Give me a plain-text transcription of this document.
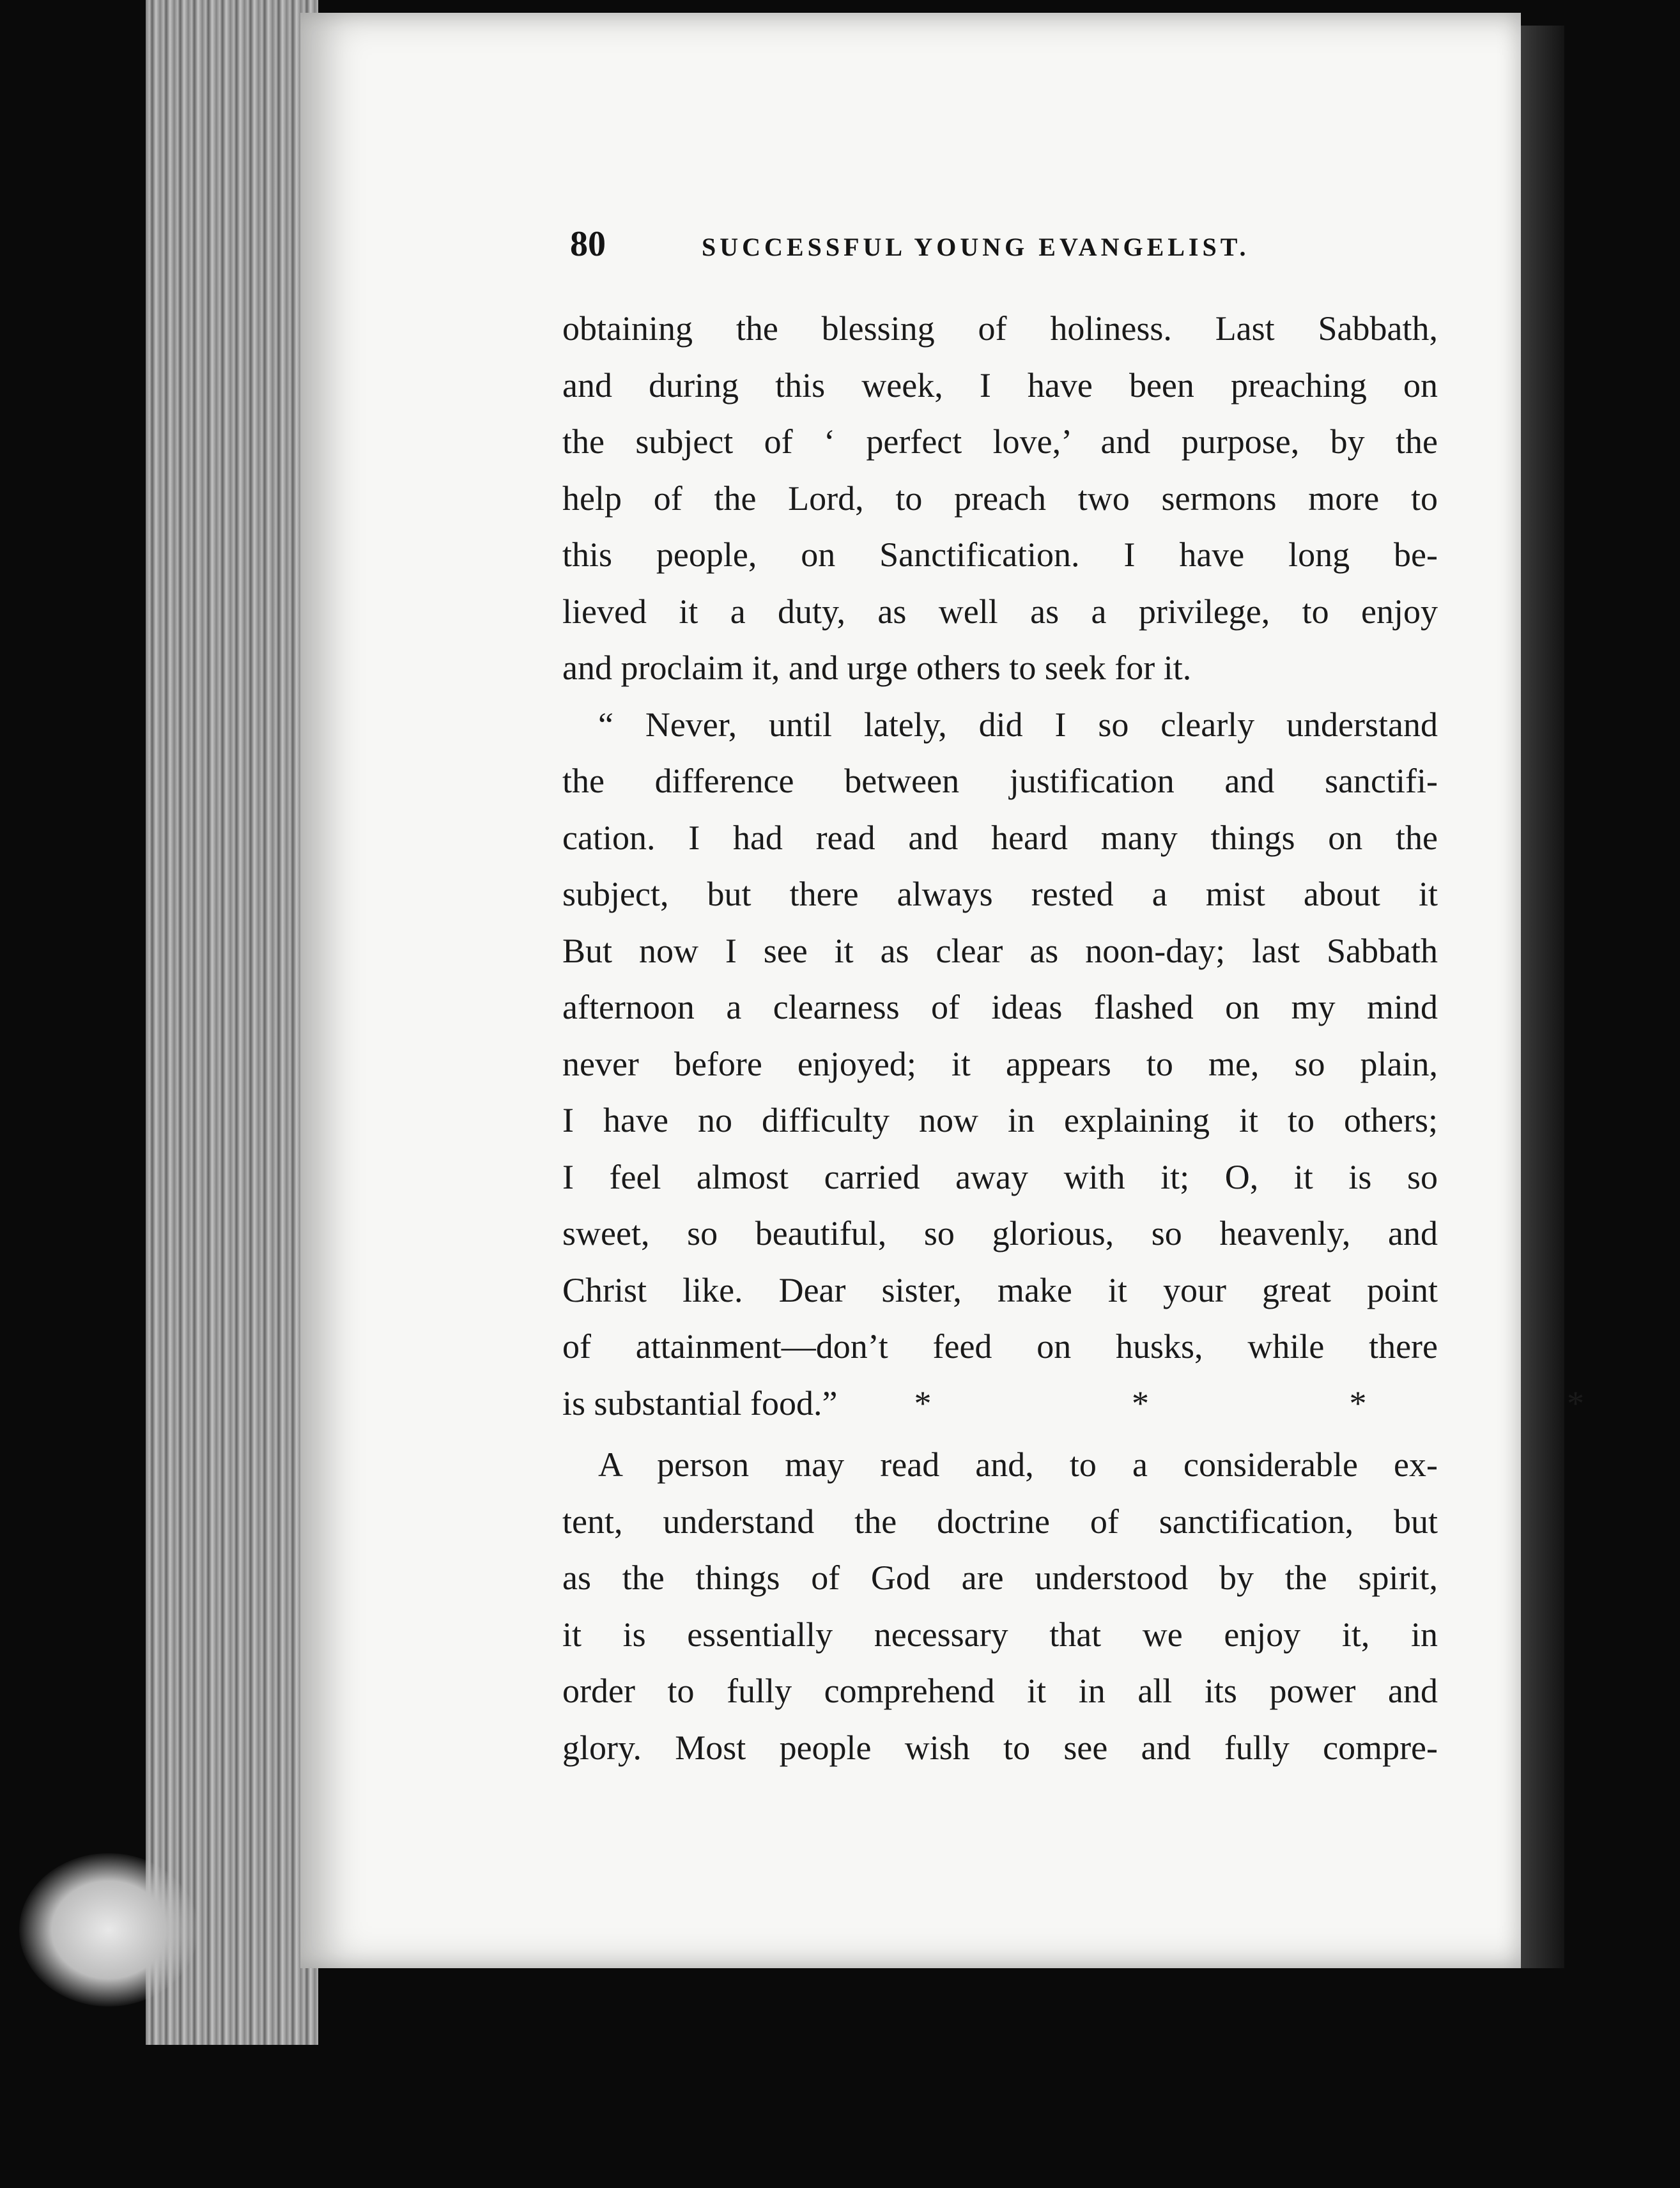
80	SUCCESSFUL YOUNG EVANGELIST.
obtaining the blessing of holiness. Last Sabbath,
and during this week, I have been preaching on
the subject of ‘ perfect love,’ and purpose, by the
help of the Lord, to preach two sermons more to
this people, on Sanctification. I have long be-
lieved it a duty, as well as a privilege, to enjoy
and proclaim it, and urge others to seek for it.
“ Never, until lately, did I so clearly understand
the difference between justification and sanctifi-
cation. I had read and heard many things on the
subject, but there always rested a mist about it
But now I see it as clear as noon-day; last Sabbath
afternoon a clearness of ideas flashed on my mind
never before enjoyed; it appears to me, so plain,
I have no difficulty now in explaining it to others;
I feel almost carried away with it; O, it is so
sweet, so beautiful, so glorious, so heavenly, and
Christ like. Dear sister, make it your great point
of attainment—don’t feed on husks, while there
is substantial food.” * * * *
A person may read and, to a considerable ex-
tent, understand the doctrine of sanctification, but
as the things of God are understood by the spirit,
it is essentially necessary that we enjoy it, in
order to fully comprehend it in all its power and
glory. Most people wish to see and fully compre-
